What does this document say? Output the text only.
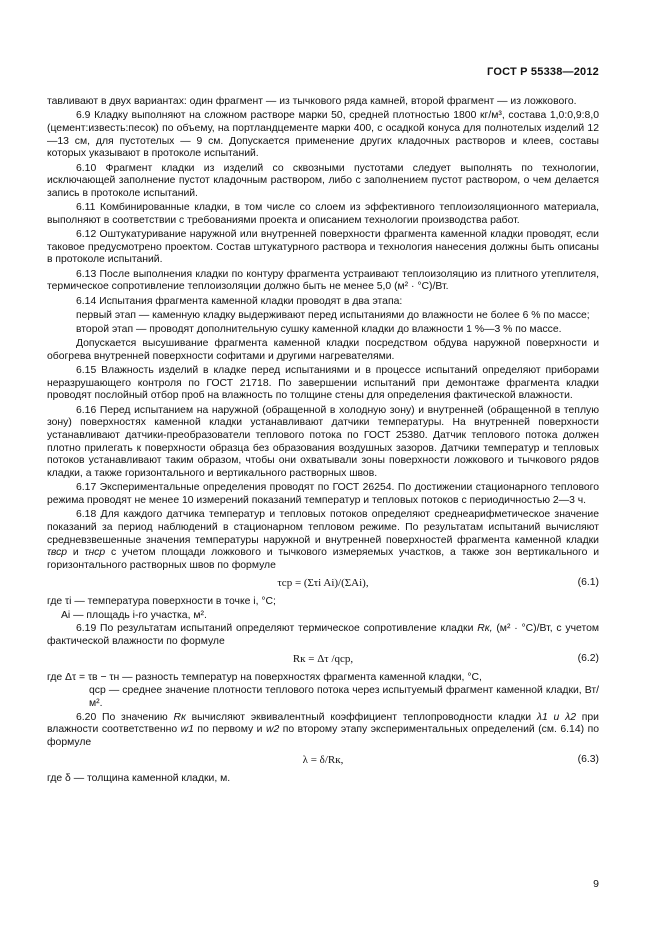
ГОСТ Р 55338—2012

тавливают в двух вариантах: один фрагмент — из тычкового ряда камней, второй фрагмент — из ложкового.

6.9 Кладку выполняют на сложном растворе марки 50, средней плотностью 1800 кг/м³, состава 1,0:0,9:8,0 (цемент:известь:песок) по объему, на портландцементе марки 400, с осадкой конуса для полнотелых изделий 12—13 см, для пустотелых — 9 см. Допускается применение других кладочных растворов и клеев, составы которых указывают в протоколе испытаний.

6.10 Фрагмент кладки из изделий со сквозными пустотами следует выполнять по технологии, исключающей заполнение пустот кладочным раствором, либо с заполнением пустот раствором, о чем делается запись в протоколе испытаний.

6.11 Комбинированные кладки, в том числе со слоем из эффективного теплоизоляционного материала, выполняют в соответствии с требованиями проекта и описанием технологии производства работ.

6.12 Оштукатуривание наружной или внутренней поверхности фрагмента каменной кладки проводят, если таковое предусмотрено проектом. Состав штукатурного раствора и технология нанесения должны быть описаны в протоколе испытаний.

6.13 После выполнения кладки по контуру фрагмента устраивают теплоизоляцию из плитного утеплителя, термическое сопротивление теплоизоляции должно быть не менее 5,0 (м² · °С)/Вт.

6.14 Испытания фрагмента каменной кладки проводят в два этапа:

первый этап — каменную кладку выдерживают перед испытаниями до влажности не более 6 % по массе;

второй этап — проводят дополнительную сушку каменной кладки до влажности 1 %—3 % по массе.

Допускается высушивание фрагмента каменной кладки посредством обдува наружной поверхности и обогрева внутренней поверхности софитами и другими нагревателями.

6.15 Влажность изделий в кладке перед испытаниями и в процессе испытаний определяют приборами неразрушающего контроля по ГОСТ 21718. По завершении испытаний при демонтаже фрагмента кладки проводят послойный отбор проб на влажность по толщине стены для определения фактической влажности.

6.16 Перед испытанием на наружной (обращенной в холодную зону) и внутренней (обращенной в теплую зону) поверхностях каменной кладки устанавливают датчики температуры. На внутренней поверхности устанавливают датчики-преобразователи теплового потока по ГОСТ 25380. Датчик теплового потока должен плотно прилегать к поверхности образца без образования воздушных зазоров. Датчики температур и тепловых потоков устанавливают таким образом, чтобы они охватывали зоны поверхности ложкового и тычкового рядов кладки, а также горизонтального и вертикального растворных швов.

6.17 Экспериментальные определения проводят по ГОСТ 26254. По достижении стационарного теплового режима проводят не менее 10 измерений показаний температур и тепловых потоков с периодичностью 2—3 ч.

6.18 Для каждого датчика температур и тепловых потоков определяют среднеарифметическое значение показаний за период наблюдений в стационарном тепловом режиме. По результатам испытаний вычисляют средневзвешенные значения температуры наружной и внутренней поверхностей фрагмента каменной кладки τвср и τнср с учетом площади ложкового и тычкового измеряемых участков, а также зон вертикального и горизонтального растворных швов по формуле

τср = (Στi Ai)/(ΣAi),	(6.1)

где τi — температура поверхности в точке i, °С;

Ai — площадь i-го участка, м².

6.19 По результатам испытаний определяют термическое сопротивление кладки Rк, (м² · °С)/Вт, с учетом фактической влажности по формуле

Rк = Δτ /qср,	(6.2)

где Δτ = τв − τн — разность температур на поверхностях фрагмента каменной кладки, °С,

qср — среднее значение плотности теплового потока через испытуемый фрагмент каменной кладки, Вт/м².

6.20 По значению Rк вычисляют эквивалентный коэффициент теплопроводности кладки λ1 и λ2 при влажности соответственно w1 по первому и w2 по второму этапу экспериментальных определений (см. 6.14) по формуле

λ = δ/Rк,	(6.3)

где δ — толщина каменной кладки, м.

9
